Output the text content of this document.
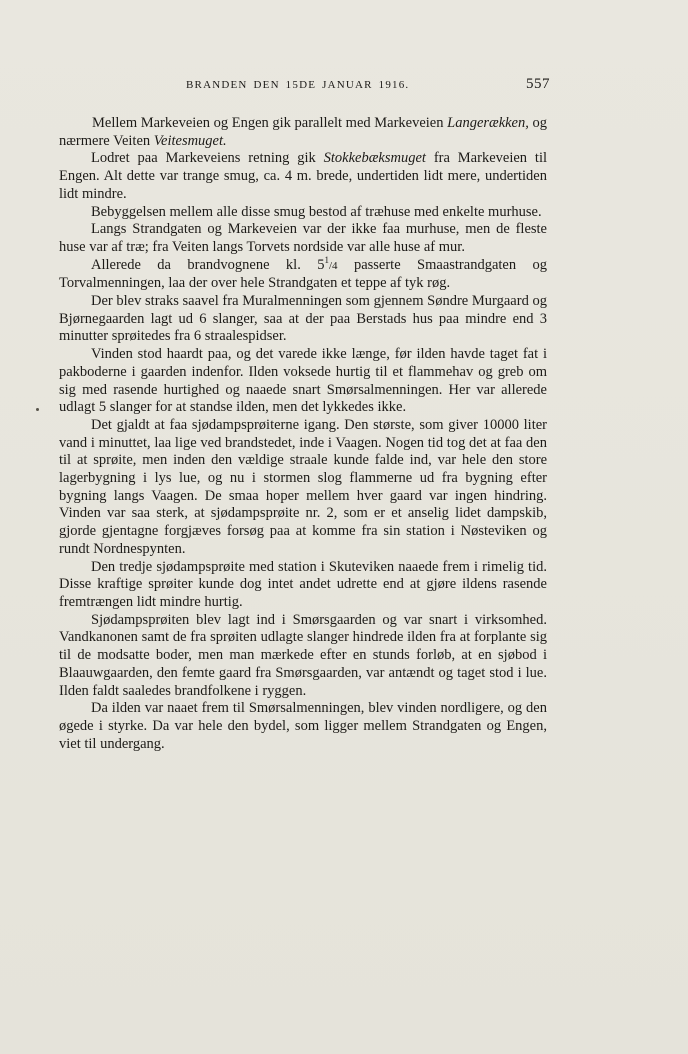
BRANDEN DEN 15DE JANUAR 1916.	557

Mellem Markeveien og Engen gik parallelt med Markeveien Langerækken, og nærmere Veiten Veitesmuget.

Lodret paa Markeveiens retning gik Stokkebæksmuget fra Markeveien til Engen. Alt dette var trange smug, ca. 4 m. brede, undertiden lidt mere, undertiden lidt mindre.

Bebyggelsen mellem alle disse smug bestod af træhuse med enkelte murhuse.

Langs Strandgaten og Markeveien var der ikke faa murhuse, men de fleste huse var af træ; fra Veiten langs Torvets nordside var alle huse af mur.

Allerede da brandvognene kl. $5^1/4$ passerte Smaastrandgaten og Torvalmenningen, laa der over hele Strandgaten et teppe af tyk røg.

Der blev straks saavel fra Muralmenningen som gjennem Søndre Murgaard og Bjørnegaarden lagt ud 6 slanger, saa at der paa Berstads hus paa mindre end 3 minutter sprøitedes fra 6 straalespidser.

Vinden stod haardt paa, og det varede ikke længe, før ilden havde taget fat i pakboderne i gaarden indenfor. Ilden voksede hurtig til et flammehav og greb om sig med rasende hurtighed og naaede snart Smørsalmenningen. Her var allerede udlagt 5 slanger for at standse ilden, men det lykkedes ikke.

Det gjaldt at faa sjødampsprøiterne igang. Den største, som giver 10000 liter vand i minuttet, laa lige ved brandstedet, inde i Vaagen. Nogen tid tog det at faa den til at sprøite, men inden den vældige straale kunde falde ind, var hele den store lagerbygning i lys lue, og nu i stormen slog flammerne ud fra bygning efter bygning langs Vaagen. De smaa hoper mellem hver gaard var ingen hindring. Vinden var saa sterk, at sjødampsprøite nr. 2, som er et anselig lidet dampskib, gjorde gjentagne forgjæves forsøg paa at komme fra sin station i Nøsteviken og rundt Nordnespynten.

Den tredje sjødampsprøite med station i Skuteviken naaede frem i rimelig tid. Disse kraftige sprøiter kunde dog intet andet udrette end at gjøre ildens rasende fremtrængen lidt mindre hurtig.

Sjødampsprøiten blev lagt ind i Smørsgaarden og var snart i virksomhed. Vandkanonen samt de fra sprøiten udlagte slanger hindrede ilden fra at forplante sig til de modsatte boder, men man mærkede efter en stunds forløb, at en sjøbod i Blaauwgaarden, den femte gaard fra Smørsgaarden, var antændt og taget stod i lue. Ilden faldt saaledes brandfolkene i ryggen.

Da ilden var naaet frem til Smørsalmenningen, blev vinden nordligere, og den øgede i styrke. Da var hele den bydel, som ligger mellem Strandgaten og Engen, viet til undergang.
